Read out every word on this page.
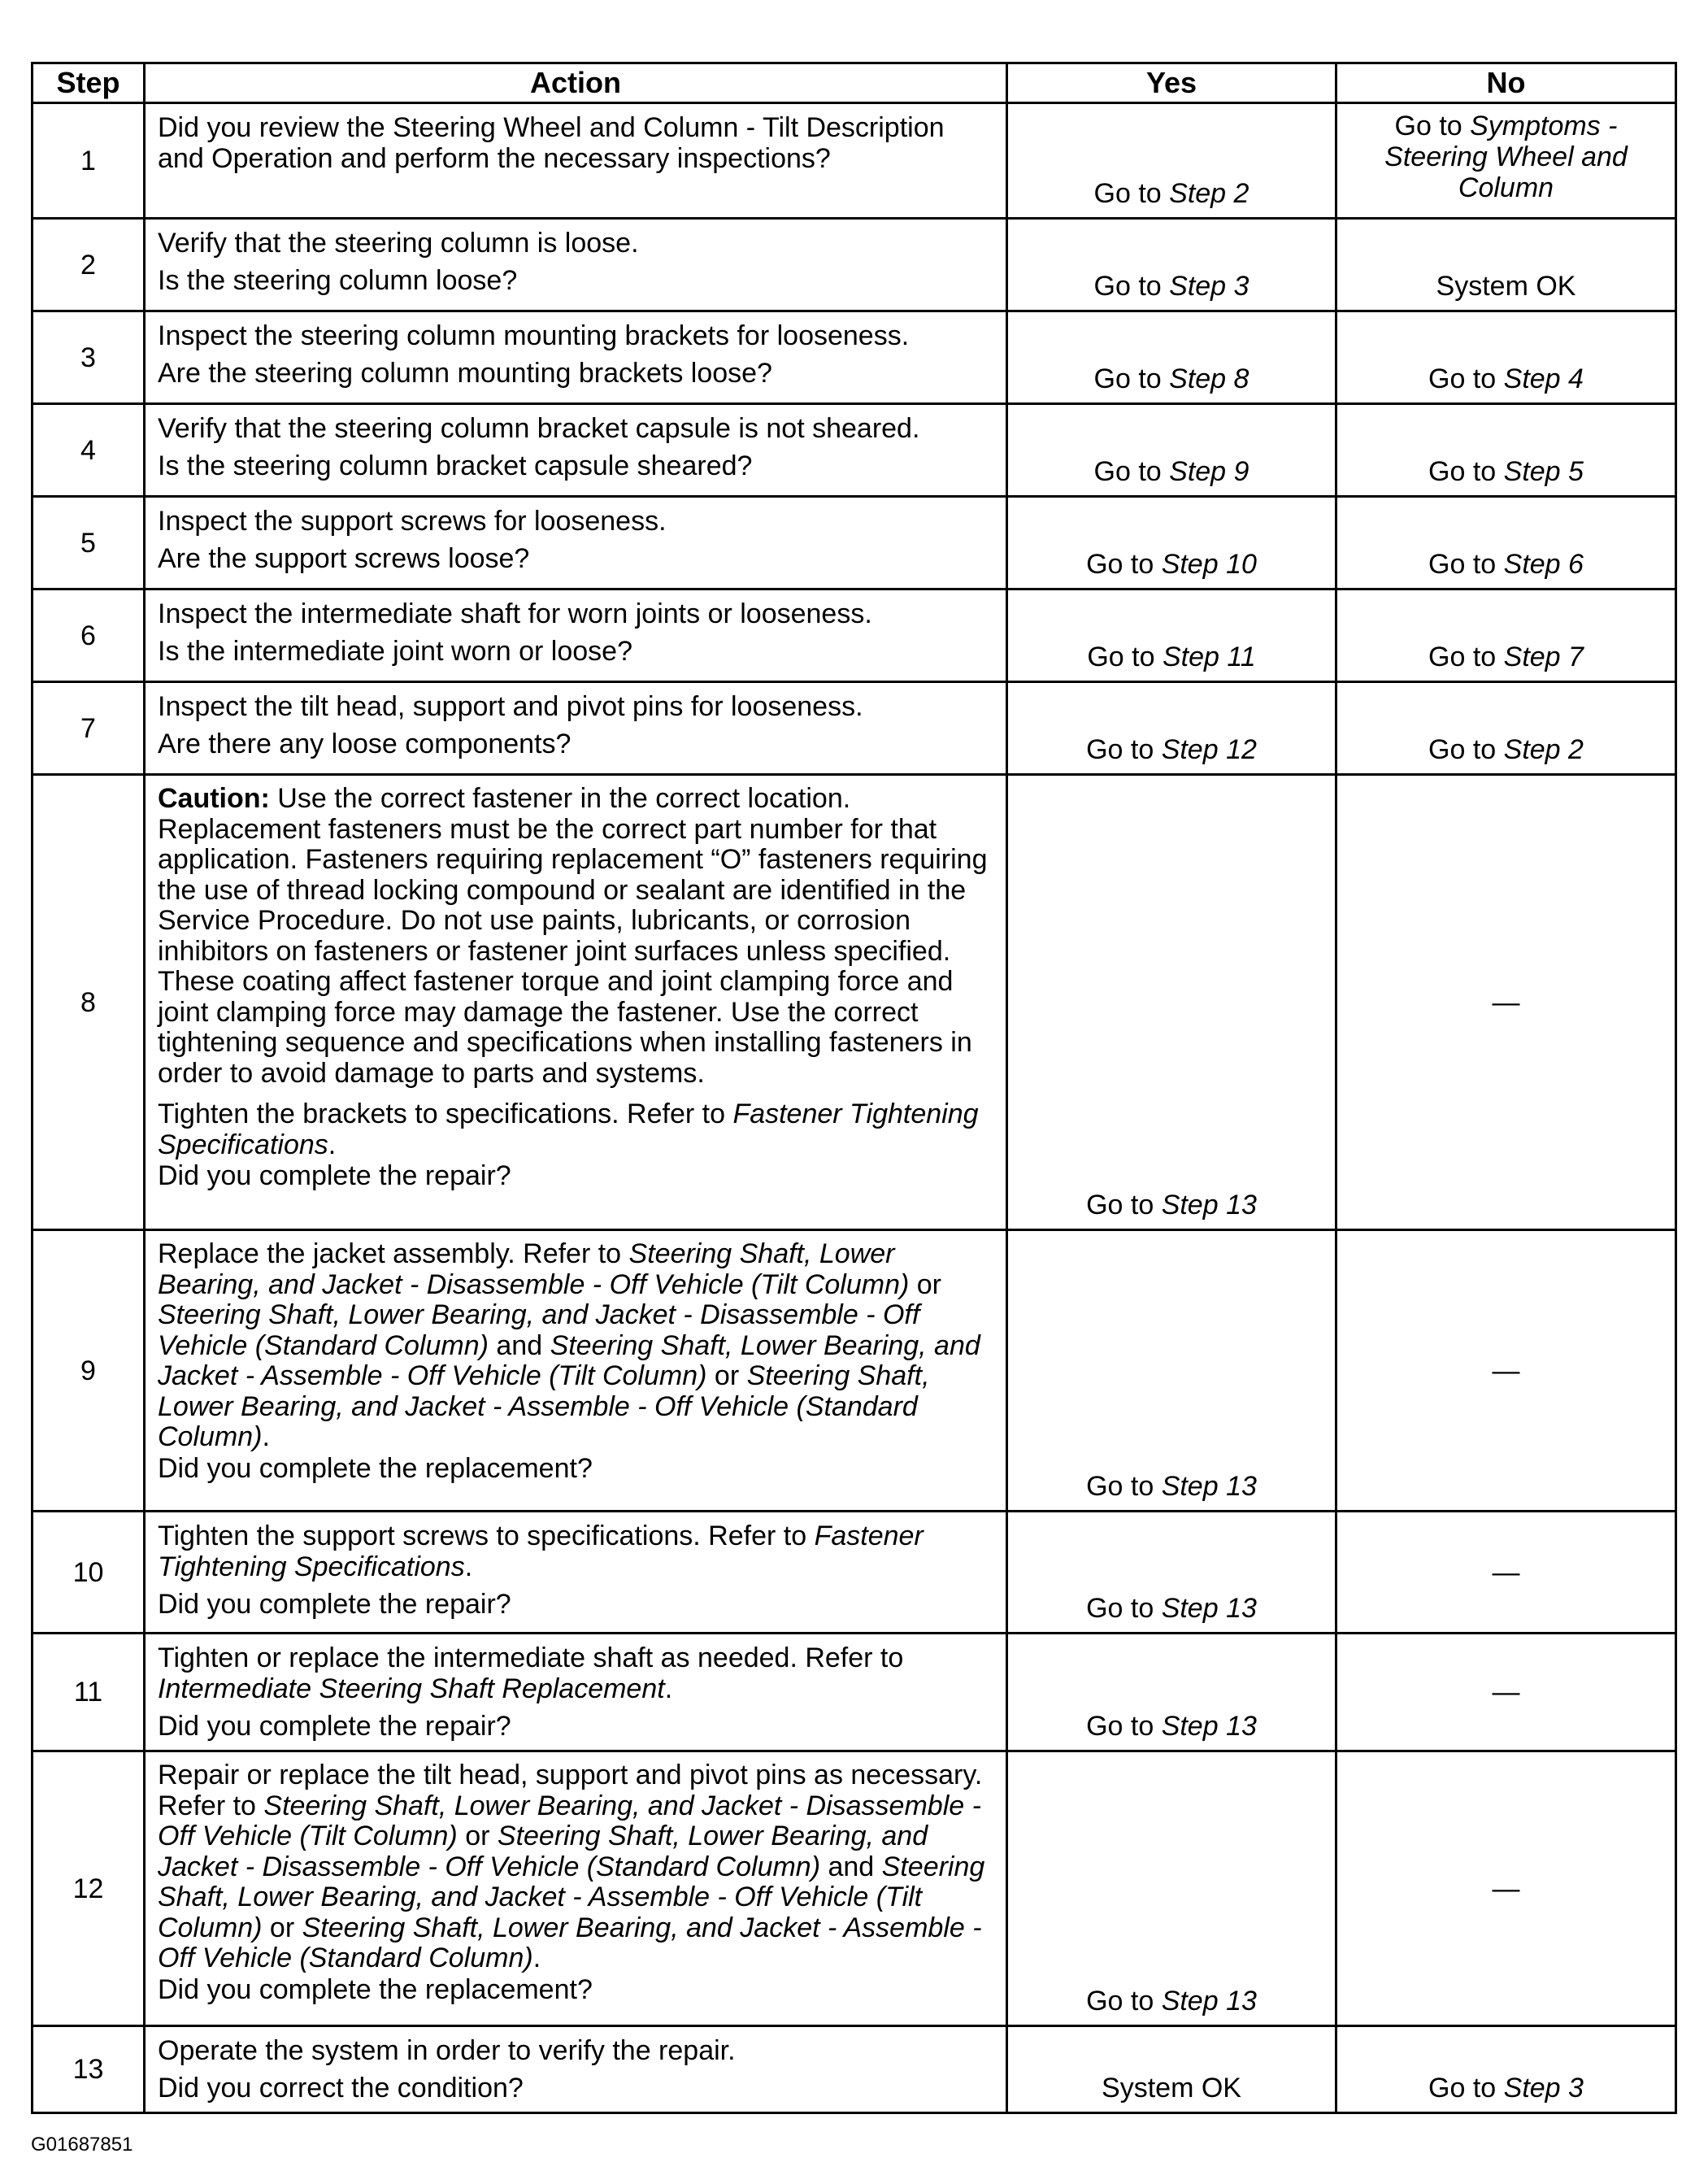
Step	Action	Yes	No
1	Did you review the Steering Wheel and Column - Tilt Description and Operation and perform the necessary inspections?	Go to Step 2	Go to Symptoms - Steering Wheel and Column
2	Verify that the steering column is loose.
Is the steering column loose?	Go to Step 3	System OK
3	Inspect the steering column mounting brackets for looseness.
Are the steering column mounting brackets loose?	Go to Step 8	Go to Step 4
4	Verify that the steering column bracket capsule is not sheared.
Is the steering column bracket capsule sheared?	Go to Step 9	Go to Step 5
5	Inspect the support screws for looseness.
Are the support screws loose?	Go to Step 10	Go to Step 6
6	Inspect the intermediate shaft for worn joints or looseness.
Is the intermediate joint worn or loose?	Go to Step 11	Go to Step 7
7	Inspect the tilt head, support and pivot pins for looseness.
Are there any loose components?	Go to Step 12	Go to Step 2
8	Caution: Use the correct fastener in the correct location. Replacement fasteners must be the correct part number for that application. Fasteners requiring replacement “O” fasteners requiring the use of thread locking compound or sealant are identified in the Service Procedure. Do not use paints, lubricants, or corrosion inhibitors on fasteners or fastener joint surfaces unless specified. These coating affect fastener torque and joint clamping force and joint clamping force may damage the fastener. Use the correct tightening sequence and specifications when installing fasteners in order to avoid damage to parts and systems.
Tighten the brackets to specifications. Refer to Fastener Tightening Specifications.
Did you complete the repair?	Go to Step 13	—
9	Replace the jacket assembly. Refer to Steering Shaft, Lower Bearing, and Jacket - Disassemble - Off Vehicle (Tilt Column) or Steering Shaft, Lower Bearing, and Jacket - Disassemble - Off Vehicle (Standard Column) and Steering Shaft, Lower Bearing, and Jacket - Assemble - Off Vehicle (Tilt Column) or Steering Shaft, Lower Bearing, and Jacket - Assemble - Off Vehicle (Standard Column).
Did you complete the replacement?	Go to Step 13	—
10	Tighten the support screws to specifications. Refer to Fastener Tightening Specifications.
Did you complete the repair?	Go to Step 13	—
11	Tighten or replace the intermediate shaft as needed. Refer to Intermediate Steering Shaft Replacement.
Did you complete the repair?	Go to Step 13	—
12	Repair or replace the tilt head, support and pivot pins as necessary. Refer to Steering Shaft, Lower Bearing, and Jacket - Disassemble - Off Vehicle (Tilt Column) or Steering Shaft, Lower Bearing, and Jacket - Disassemble - Off Vehicle (Standard Column) and Steering Shaft, Lower Bearing, and Jacket - Assemble - Off Vehicle (Tilt Column) or Steering Shaft, Lower Bearing, and Jacket - Assemble - Off Vehicle (Standard Column).
Did you complete the replacement?	Go to Step 13	—
13	Operate the system in order to verify the repair.
Did you correct the condition?	System OK	Go to Step 3
G01687851
